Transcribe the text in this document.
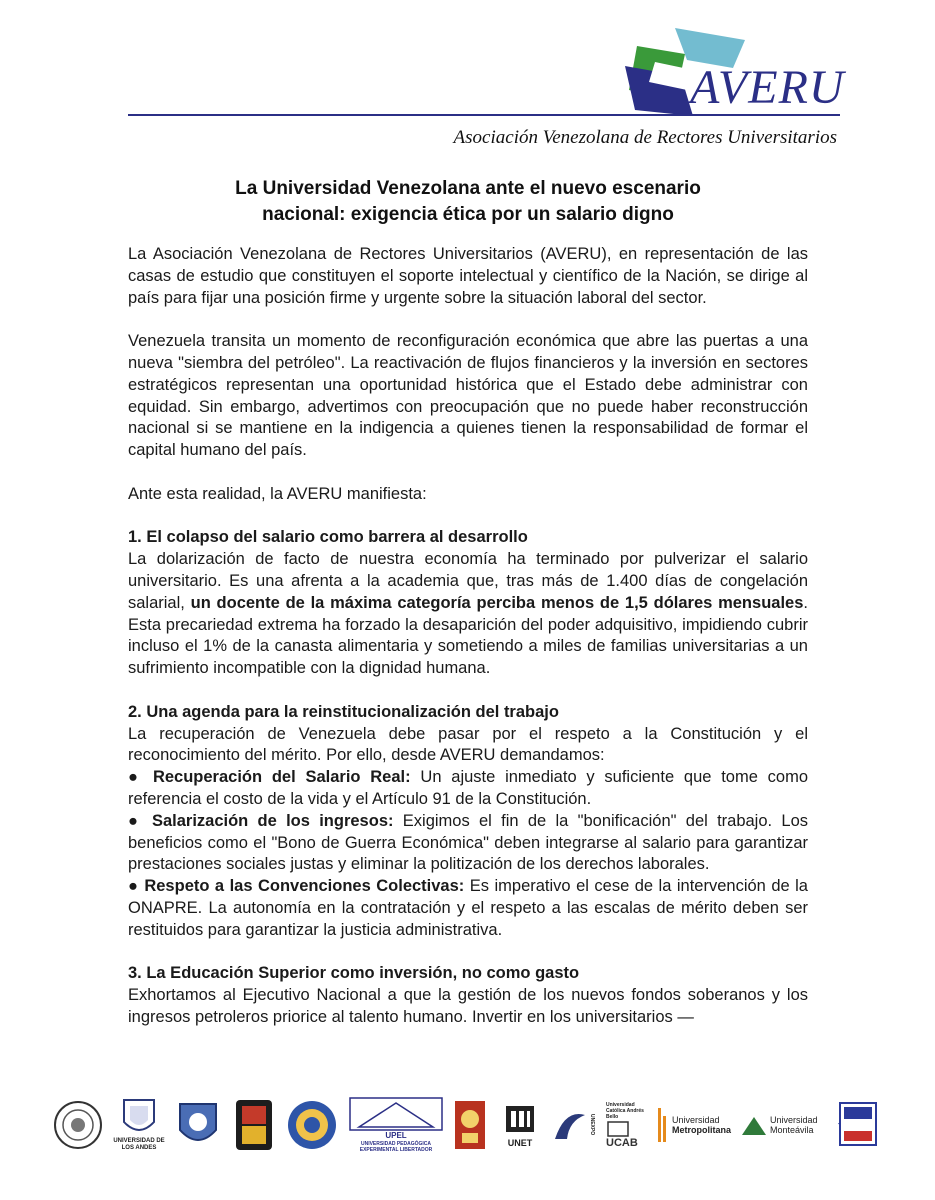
AVERU
Asociación Venezolana de Rectores Universitarios
La Universidad Venezolana ante el nuevo escenario
nacional: exigencia ética por un salario digno

La Asociación Venezolana de Rectores Universitarios (AVERU), en representación de las casas de estudio que constituyen el soporte intelectual y científico de la Nación, se dirige al país para fijar una posición firme y urgente sobre la situación laboral del sector.

Venezuela transita un momento de reconfiguración económica que abre las puertas a una nueva "siembra del petróleo". La reactivación de flujos financieros y la inversión en sectores estratégicos representan una oportunidad histórica que el Estado debe administrar con equidad. Sin embargo, advertimos con preocupación que no puede haber reconstrucción nacional si se mantiene en la indigencia a quienes tienen la responsabilidad de formar el capital humano del país.

Ante esta realidad, la AVERU manifiesta:

1. El colapso del salario como barrera al desarrollo

La dolarización de facto de nuestra economía ha terminado por pulverizar el salario universitario. Es una afrenta a la academia que, tras más de 1.400 días de congelación salarial, un docente de la máxima categoría perciba menos de 1,5 dólares mensuales. Esta precariedad extrema ha forzado la desaparición del poder adquisitivo, impidiendo cubrir incluso el 1% de la canasta alimentaria y sometiendo a miles de familias universitarias a un sufrimiento incompatible con la dignidad humana.

2. Una agenda para la reinstitucionalización del trabajo

La recuperación de Venezuela debe pasar por el respeto a la Constitución y el reconocimiento del mérito. Por ello, desde AVERU demandamos:

● Recuperación del Salario Real: Un ajuste inmediato y suficiente que tome como referencia el costo de la vida y el Artículo 91 de la Constitución.

● Salarización de los ingresos: Exigimos el fin de la "bonificación" del trabajo. Los beneficios como el "Bono de Guerra Económica" deben integrarse al salario para garantizar prestaciones sociales justas y eliminar la politización de los derechos laborales.

● Respeto a las Convenciones Colectivas: Es imperativo el cese de la intervención de la ONAPRE. La autonomía en la contratación y el respeto a las escalas de mérito deben ser restituidos para garantizar la justicia administrativa.

3. La Educación Superior como inversión, no como gasto

Exhortamos al Ejecutivo Nacional a que la gestión de los nuevos fondos soberanos y los ingresos petroleros priorice al talento humano. Invertir en los universitarios —

UNIVERSIDAD DE LOS ANDES
UPEL
UNIVERSIDAD PEDAGÓGICA EXPERIMENTAL LIBERTADOR
UNET
UNEXPO
Universidad Católica Andrés Bello
UCAB
Universidad
Metropolitana
Universidad
Monteávila
